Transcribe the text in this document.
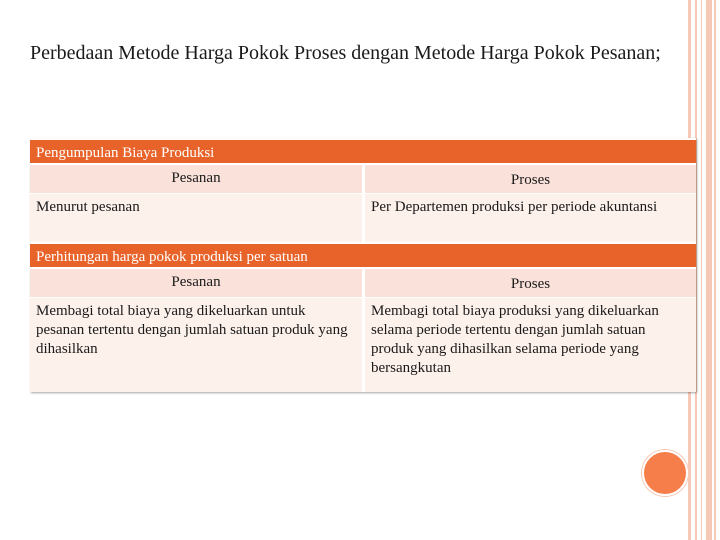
Perbedaan Metode Harga Pokok Proses dengan Metode Harga Pokok Pesanan;
Pengumpulan Biaya Produksi	
Pesanan	Proses
Menurut pesanan	Per Departemen produksi per periode akuntansi
Perhitungan harga pokok produksi per satuan	
Pesanan	Proses
Membagi total biaya yang dikeluarkan untuk pesanan tertentu dengan jumlah satuan produk yang dihasilkan	Membagi total biaya produksi yang dikeluarkan selama periode tertentu dengan jumlah satuan produk yang dihasilkan selama periode yang bersangkutan
